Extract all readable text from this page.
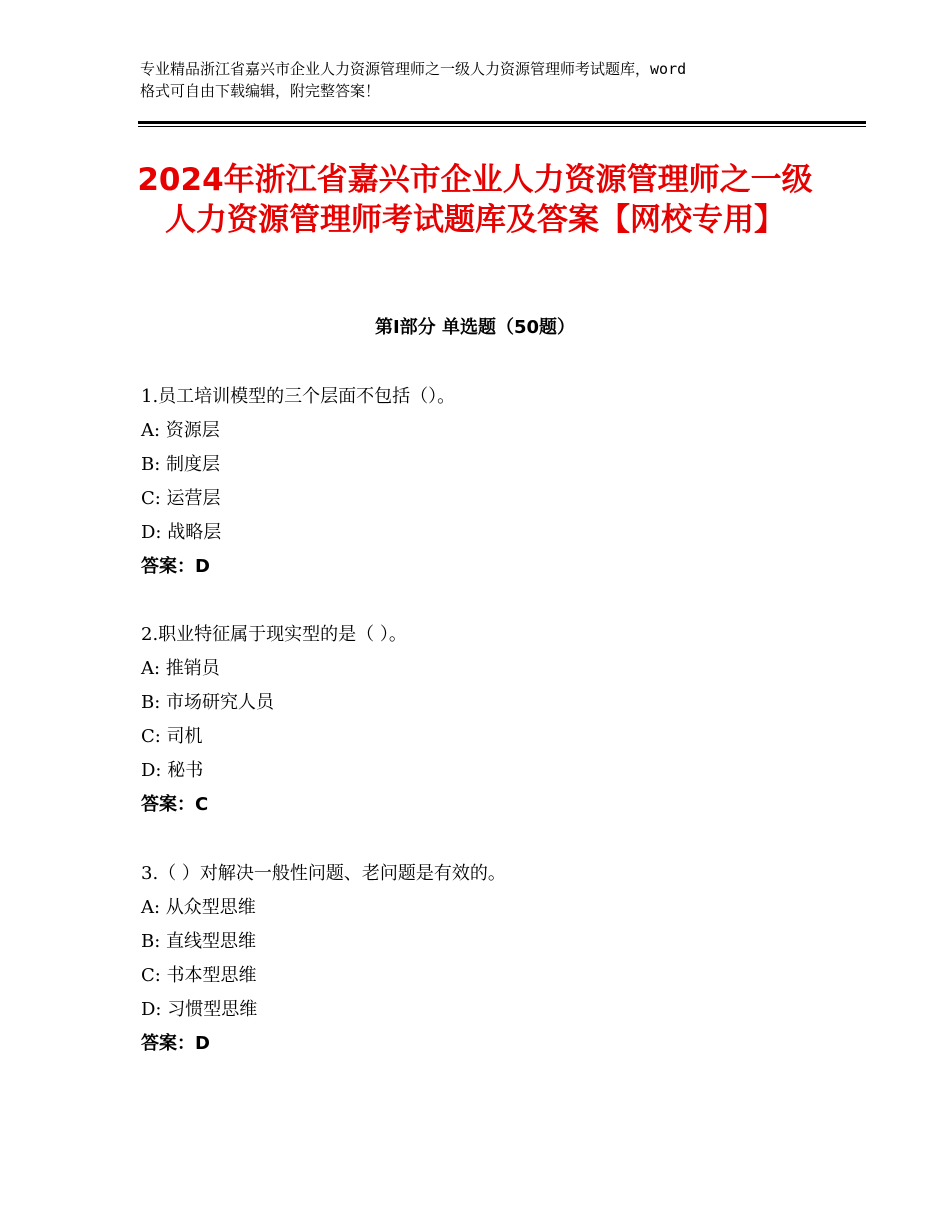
专业精品浙江省嘉兴市企业人力资源管理师之一级人力资源管理师考试题库，word
格式可自由下载编辑，附完整答案！
2024年浙江省嘉兴市企业人力资源管理师之一级人力资源管理师考试题库及答案【网校专用】
第Ⅰ部分 单选题（50题）
1.员工培训模型的三个层面不包括（）。
A: 资源层
B: 制度层
C: 运营层
D: 战略层
答案：D
2.职业特征属于现实型的是（ ）。
A: 推销员
B: 市场研究人员
C: 司机
D: 秘书
答案：C
3.（ ）对解决一般性问题、老问题是有效的。
A: 从众型思维
B: 直线型思维
C: 书本型思维
D: 习惯型思维
答案：D
